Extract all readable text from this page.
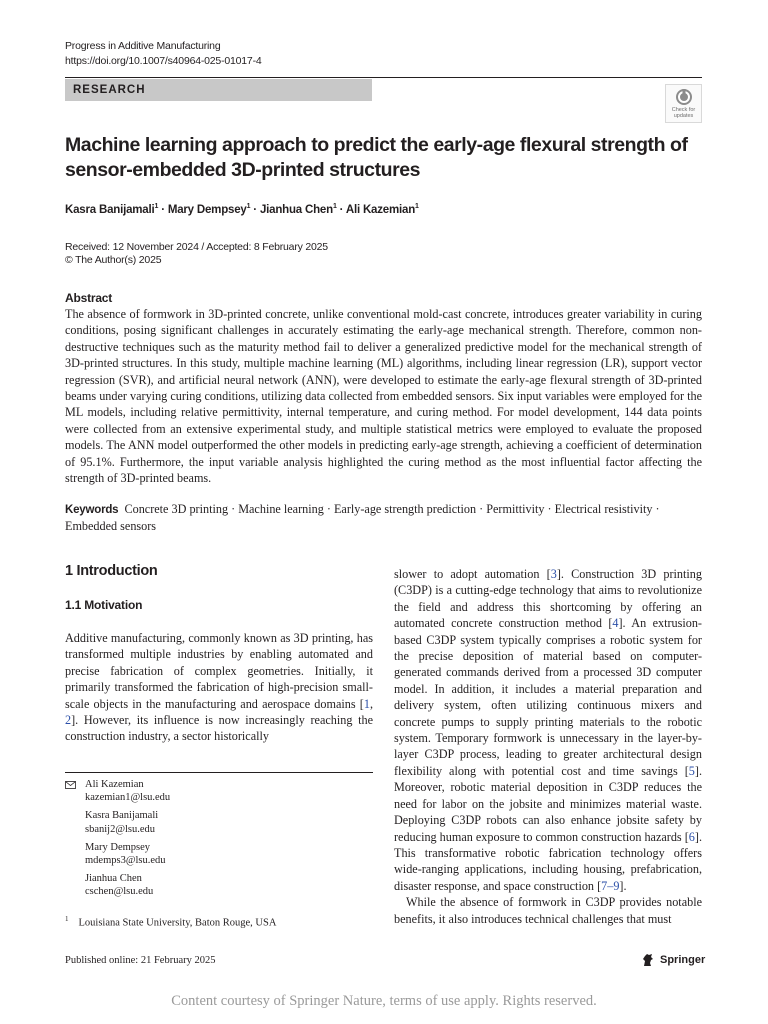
Progress in Additive Manufacturing
https://doi.org/10.1007/s40964-025-01017-4
RESEARCH
Check for
updates
Machine learning approach to predict the early-age flexural strength of sensor-embedded 3D-printed structures
Kasra Banijamali$^1$ · Mary Dempsey$^1$ · Jianhua Chen$^1$ · Ali Kazemian$^1$
Received: 12 November 2024 / Accepted: 8 February 2025
© The Author(s) 2025
Abstract

The absence of formwork in 3D-printed concrete, unlike conventional mold-cast concrete, introduces greater variability in curing conditions, posing significant challenges in accurately estimating the early-age mechanical strength. Therefore, common non-destructive techniques such as the maturity method fail to deliver a generalized predictive model for the mechanical strength of 3D-printed structures. In this study, multiple machine learning (ML) algorithms, including linear regression (LR), support vector regression (SVR), and artificial neural network (ANN), were developed to estimate the early-age flexural strength of 3D-printed beams under varying curing conditions, utilizing data collected from embedded sensors. Six input variables were employed for the ML models, including relative permittivity, internal temperature, and curing method. For model development, 144 data points were collected from an extensive experimental study, and multiple statistical metrics were employed to evaluate the proposed models. The ANN model outperformed the other models in predicting early-age strength, achieving a coefficient of determination of 95.1%. Furthermore, the input variable analysis highlighted the curing method as the most influential factor affecting the strength of 3D-printed beams.

Keywords Concrete 3D printing · Machine learning · Early-age strength prediction · Permittivity · Electrical resistivity · Embedded sensors

1 Introduction
1.1 Motivation

Additive manufacturing, commonly known as 3D printing, has transformed multiple industries by enabling automated and precise fabrication of complex geometries. Initially, it primarily transformed the fabrication of high-precision small-scale objects in the manufacturing and aerospace domains [1, 2]. However, its influence is now increasingly reaching the construction industry, a sector historically

slower to adopt automation [3]. Construction 3D printing (C3DP) is a cutting-edge technology that aims to revolutionize the field and address this shortcoming by offering an automated concrete construction method [4]. An extrusion-based C3DP system typically comprises a robotic system for the precise deposition of material based on computer-generated commands derived from a processed 3D computer model. In addition, it includes a material preparation and delivery system, often utilizing continuous mixers and concrete pumps to supply printing materials to the robotic system. Temporary formwork is unnecessary in the layer-by-layer C3DP process, leading to greater architectural design flexibility along with potential cost and time savings [5]. Moreover, robotic material deposition in C3DP reduces the need for labor on the jobsite and minimizes material waste. Deploying C3DP robots can also enhance jobsite safety by reducing human exposure to common construction hazards [6]. This transformative robotic fabrication technology offers wide-ranging applications, including housing, prefabrication, disaster response, and space construction [7–9].

While the absence of formwork in C3DP provides notable benefits, it also introduces technical challenges that must

Ali Kazemian
kazemian1@lsu.edu
Kasra Banijamali
sbanij2@lsu.edu
Mary Dempsey
mdemps3@lsu.edu
Jianhua Chen
cschen@lsu.edu
$^1$ Louisiana State University, Baton Rouge, USA
Published online: 21 February 2025	Springer
Content courtesy of Springer Nature, terms of use apply. Rights reserved.
